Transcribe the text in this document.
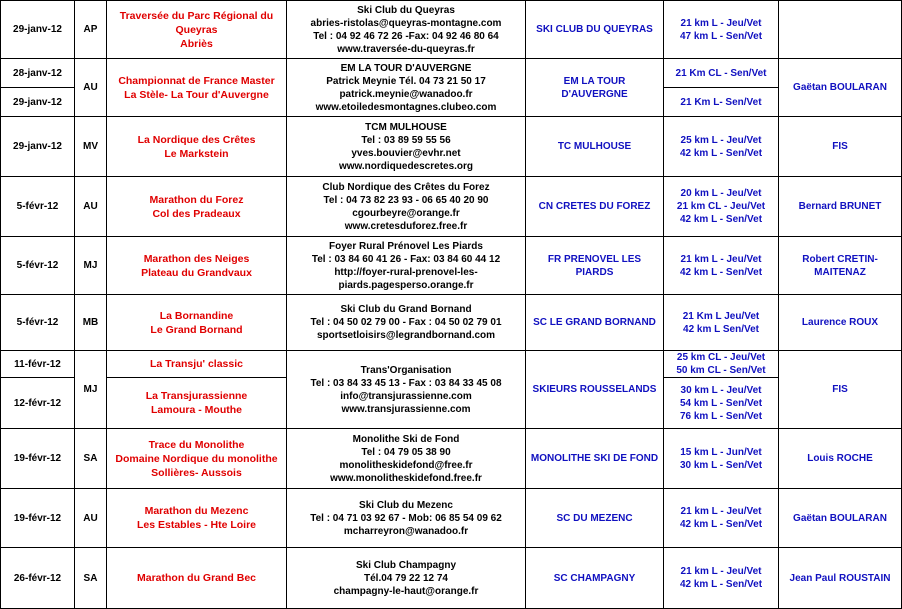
29-janv-12 AP
Traversée du Parc Régional du
Queyras
Abriès
Ski Club du Queyras
abries-ristolas@queyras-montagne.com
Tel : 04 92 46 72 26 -Fax: 04 92 46 80 64
www.traversée-du-queyras.fr
SKI CLUB DU QUEYRAS
21 km L - Jeu/Vet
47 km L - Sen/Vet
28-janv-12
29-janv-12
AU
Championnat de France Master
La Stèle- La Tour d'Auvergne
EM LA TOUR D'AUVERGNE
Patrick Meynie Tél. 04 73 21 50 17
patrick.meynie@wanadoo.fr
www.etoiledesmontagnes.clubeo.com
EM LA TOUR
D'AUVERGNE
21 Km CL - Sen/Vet
21 Km L- Sen/Vet
Gaëtan BOULARAN
29-janv-12 MV
La Nordique des Crêtes
Le Markstein
TCM MULHOUSE
Tel : 03 89 59 55 56
yves.bouvier@evhr.net
www.nordiquedescretes.org
TC MULHOUSE
25 km L - Jeu/Vet
42 km L - Sen/Vet
FIS
5-févr-12 AU
Marathon du Forez
Col des Pradeaux
Club Nordique des Crêtes du Forez
Tel : 04 73 82 23 93 - 06 65 40 20 90
cgourbeyre@orange.fr
www.cretesduforez.free.fr
CN CRETES DU FOREZ
20 km L - Jeu/Vet
21 km CL - Jeu/Vet
42 km L - Sen/Vet
Bernard BRUNET
5-févr-12	MJ
Marathon des Neiges
Plateau du Grandvaux
Foyer Rural Prénovel Les Piards
Tel : 03 84 60 41 26 - Fax: 03 84 60 44 12
http://foyer-rural-prenovel-les-
piards.pagesperso.orange.fr
FR PRENOVEL LES
PIARDS
21 km L - Jeu/Vet
42 km L - Sen/Vet
Robert CRETIN-
MAITENAZ
5-févr-12 MB
La Bornandine
Le Grand Bornand
Ski Club du Grand Bornand
Tel : 04 50 02 79 00 - Fax : 04 50 02 79 01
sportsetloisirs@legrandbornand.com
SC LE GRAND BORNAND
21 Km L Jeu/Vet
42 km L Sen/Vet
Laurence ROUX
11-févr-12
12-févr-12
MJ
La Transju' classic
La Transjurassienne
Lamoura - Mouthe
Trans'Organisation
Tel : 03 84 33 45 13 - Fax : 03 84 33 45 08
info@transjurassienne.com
www.transjurassienne.com
SKIEURS ROUSSELANDS
25 km CL - Jeu/Vet
50 km CL - Sen/Vet
30 km L - Jeu/Vet
54 km L - Sen/Vet
76 km L - Sen/Vet
FIS
19-févr-12 SA
Trace du Monolithe
Domaine Nordique du monolithe
Sollières- Aussois
Monolithe Ski de Fond
Tel : 04 79 05 38 90
monolitheskidefond@free.fr
www.monolitheskidefond.free.fr
MONOLITHE SKI DE FOND
15 km L - Jun/Vet
30 km L - Sen/Vet
Louis ROCHE
19-févr-12 AU
Marathon du Mezenc
Les Estables - Hte Loire
Ski Club du Mezenc
Tel : 04 71 03 92 67 - Mob: 06 85 54 09 62
mcharreyron@wanadoo.fr
SC DU MEZENC
21 km L - Jeu/Vet
42 km L - Sen/Vet
Gaëtan BOULARAN
26-févr-12 SA	Marathon du Grand Bec
Ski Club Champagny
Tél.04 79 22 12 74
champagny-le-haut@orange.fr
SC CHAMPAGNY
21 km L - Jeu/Vet
42 km L - Sen/Vet
Jean Paul ROUSTAIN
